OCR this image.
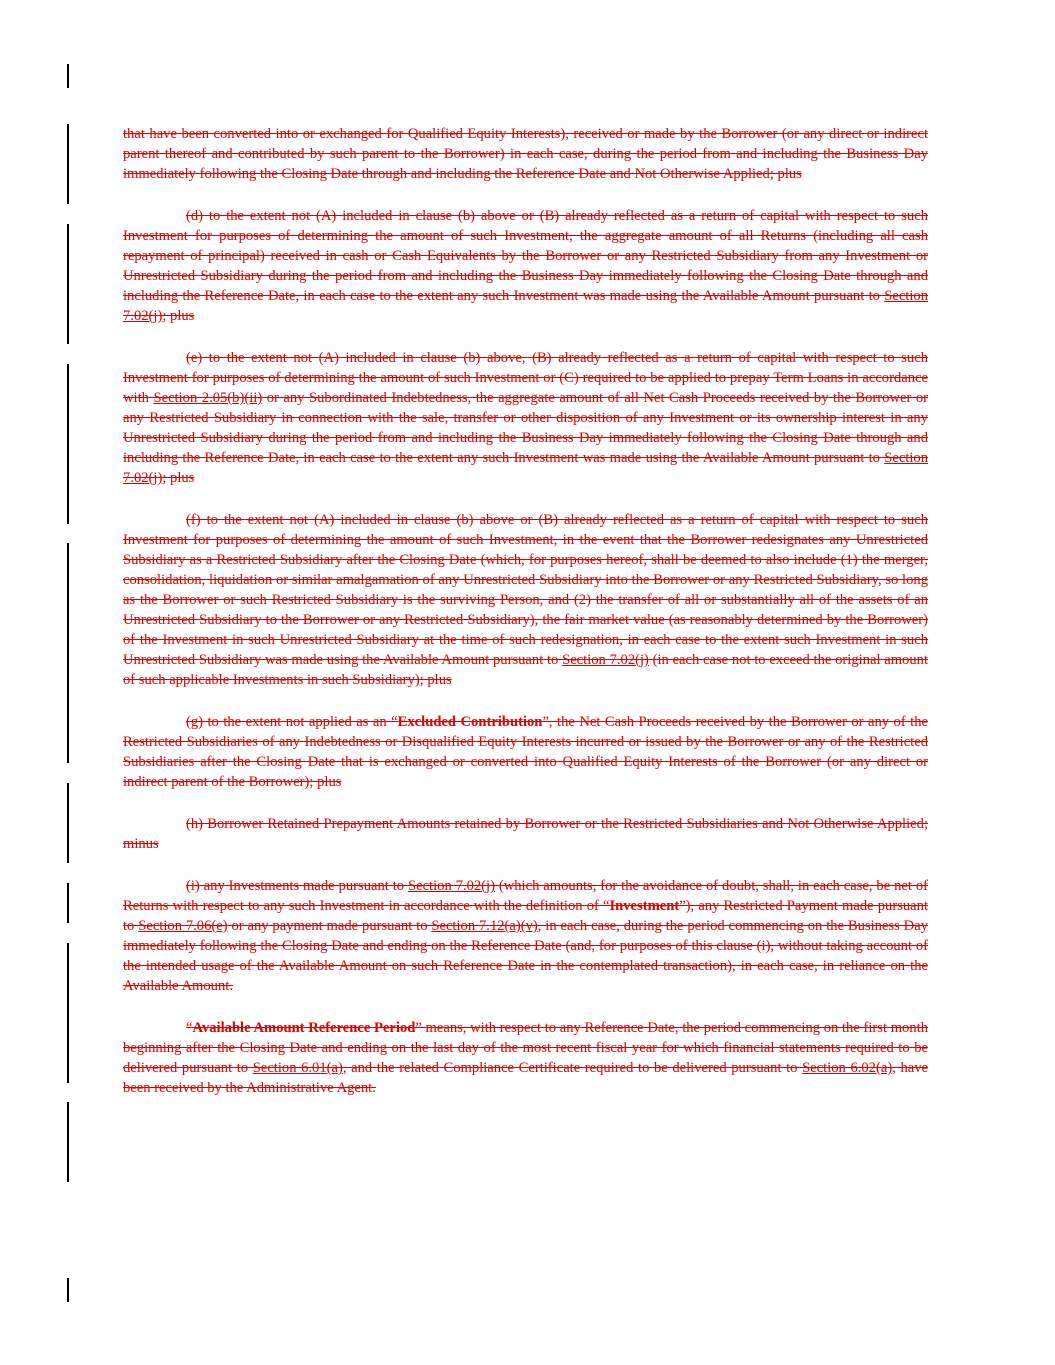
that have been converted into or exchanged for Qualified Equity Interests), received or made by the Borrower (or any direct or indirect parent thereof and contributed by such parent to the Borrower) in each case, during the period from and including the Business Day immediately following the Closing Date through and including the Reference Date and Not Otherwise Applied; plus

(d) to the extent not (A) included in clause (b) above or (B) already reflected as a return of capital with respect to such Investment for purposes of determining the amount of such Investment, the aggregate amount of all Returns (including all cash repayment of principal) received in cash or Cash Equivalents by the Borrower or any Restricted Subsidiary from any Investment or Unrestricted Subsidiary during the period from and including the Business Day immediately following the Closing Date through and including the Reference Date, in each case to the extent any such Investment was made using the Available Amount pursuant to Section 7.02(j); plus

(e) to the extent not (A) included in clause (b) above, (B) already reflected as a return of capital with respect to such Investment for purposes of determining the amount of such Investment or (C) required to be applied to prepay Term Loans in accordance with Section 2.05(b)(ii) or any Subordinated Indebtedness, the aggregate amount of all Net Cash Proceeds received by the Borrower or any Restricted Subsidiary in connection with the sale, transfer or other disposition of any Investment or its ownership interest in any Unrestricted Subsidiary during the period from and including the Business Day immediately following the Closing Date through and including the Reference Date, in each case to the extent any such Investment was made using the Available Amount pursuant to Section 7.02(j); plus

(f) to the extent not (A) included in clause (b) above or (B) already reflected as a return of capital with respect to such Investment for purposes of determining the amount of such Investment, in the event that the Borrower redesignates any Unrestricted Subsidiary as a Restricted Subsidiary after the Closing Date (which, for purposes hereof, shall be deemed to also include (1) the merger, consolidation, liquidation or similar amalgamation of any Unrestricted Subsidiary into the Borrower or any Restricted Subsidiary, so long as the Borrower or such Restricted Subsidiary is the surviving Person, and (2) the transfer of all or substantially all of the assets of an Unrestricted Subsidiary to the Borrower or any Restricted Subsidiary), the fair market value (as reasonably determined by the Borrower) of the Investment in such Unrestricted Subsidiary at the time of such redesignation, in each case to the extent such Investment in such Unrestricted Subsidiary was made using the Available Amount pursuant to Section 7.02(j) (in each case not to exceed the original amount of such applicable Investments in such Subsidiary); plus

(g) to the extent not applied as an “Excluded Contribution”, the Net Cash Proceeds received by the Borrower or any of the Restricted Subsidiaries of any Indebtedness or Disqualified Equity Interests incurred or issued by the Borrower or any of the Restricted Subsidiaries after the Closing Date that is exchanged or converted into Qualified Equity Interests of the Borrower (or any direct or indirect parent of the Borrower); plus

(h) Borrower Retained Prepayment Amounts retained by Borrower or the Restricted Subsidiaries and Not Otherwise Applied; minus

(i) any Investments made pursuant to Section 7.02(j) (which amounts, for the avoidance of doubt, shall, in each case, be net of Returns with respect to any such Investment in accordance with the definition of “Investment”), any Restricted Payment made pursuant to Section 7.06(e) or any payment made pursuant to Section 7.12(a)(v), in each case, during the period commencing on the Business Day immediately following the Closing Date and ending on the Reference Date (and, for purposes of this clause (i), without taking account of the intended usage of the Available Amount on such Reference Date in the contemplated transaction), in each case, in reliance on the Available Amount.

“Available Amount Reference Period” means, with respect to any Reference Date, the period commencing on the first month beginning after the Closing Date and ending on the last day of the most recent fiscal year for which financial statements required to be delivered pursuant to Section 6.01(a), and the related Compliance Certificate required to be delivered pursuant to Section 6.02(a), have been received by the Administrative Agent.
